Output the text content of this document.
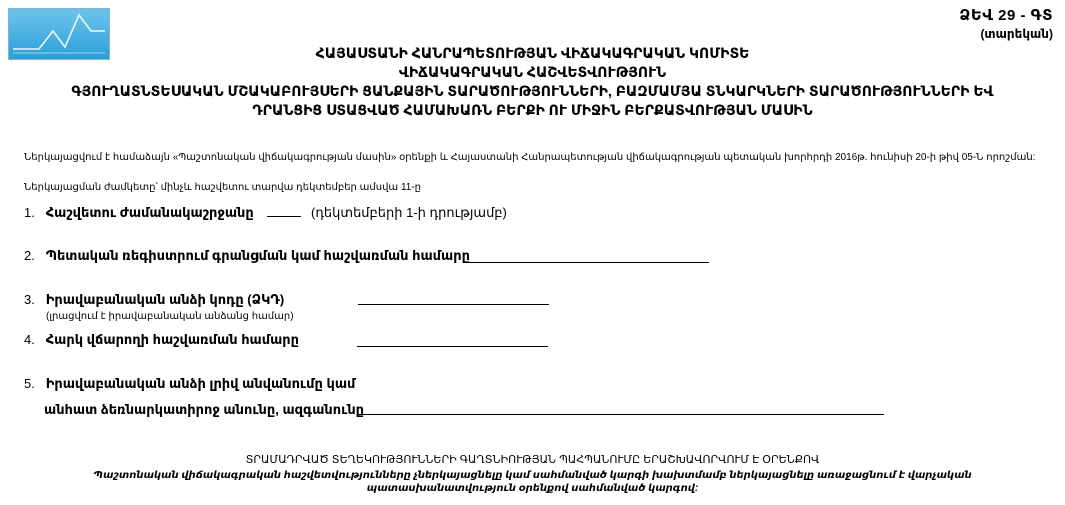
ՁԵՎ 29 - ԳՏ
(տարեկան)
ՀԱՅԱՍՏԱՆԻ ՀԱՆՐԱՊԵՏՈՒԹՅԱՆ ՎԻՃԱԿԱԳՐԱԿԱՆ ԿՈՄԻՏԵ
ՎԻՃԱԿԱԳՐԱԿԱՆ ՀԱՇՎԵՏՎՈՒԹՅՈՒՆ
ԳՅՈՒՂԱՏՆՏԵՍԱԿԱՆ ՄՇԱԿԱԲՈՒՅՍԵՐԻ ՑԱՆՔԱՅԻՆ ՏԱՐԱԾՈՒԹՅՈՒՆՆԵՐԻ, ԲԱԶՄԱՄՅԱ ՏՆԿԱՐԿՆԵՐԻ ՏԱՐԱԾՈՒԹՅՈՒՆՆԵՐԻ ԵՎ
ԴՐԱՆՑԻՑ ՍՏԱՑՎԱԾ ՀԱՄԱԽԱՌՆ ԲԵՐՔԻ ՈՒ ՄԻՋԻՆ ԲԵՐՔԱՏՎՈՒԹՅԱՆ ՄԱՍԻՆ
Ներկայացվում է համաձայն «Պաշտոնական վիճակագրության մասին» օրենքի և Հայաստանի Հանրապետության վիճակագրության պետական խորհրդի 2016թ. հունիսի 20-ի թիվ 05-Ն որոշման:
Ներկայացման ժամկետը՝ մինչև հաշվետու տարվա դեկտեմբեր ամսվա 11-ը
1. Հաշվետու ժամանակաշրջանը	(դեկտեմբերի 1-ի դրությամբ)
2. Պետական ռեգիստրում գրանցման կամ հաշվառման համարը
3. Իրավաբանական անձի կոդը (ՁԿԴ)
(լրացվում է իրավաբանական անձանց համար)
4. Հարկ վճարողի հաշվառման համարը
5. Իրավաբանական անձի լրիվ անվանումը կամ
անհատ ձեռնարկատիրոջ անունը, ազգանունը
ՏՐԱՄԱԴՐՎԱԾ ՏԵՂԵԿՈՒԹՅՈՒՆՆԵՐԻ ԳԱՂՏՆԻՈՒԹՅԱՆ ՊԱՀՊԱՆՈՒՄԸ ԵՐԱՇԽԱՎՈՐՎՈՒՄ Է ՕՐԵՆՔՈՎ
Պաշտոնական վիճակագրական հաշվետվությունները չներկայացնելը կամ սահմանված կարգի խախտմամբ ներկայացնելը առաջացնում է վարչական պատասխանատվություն օրենքով սահմանված կարգով:
